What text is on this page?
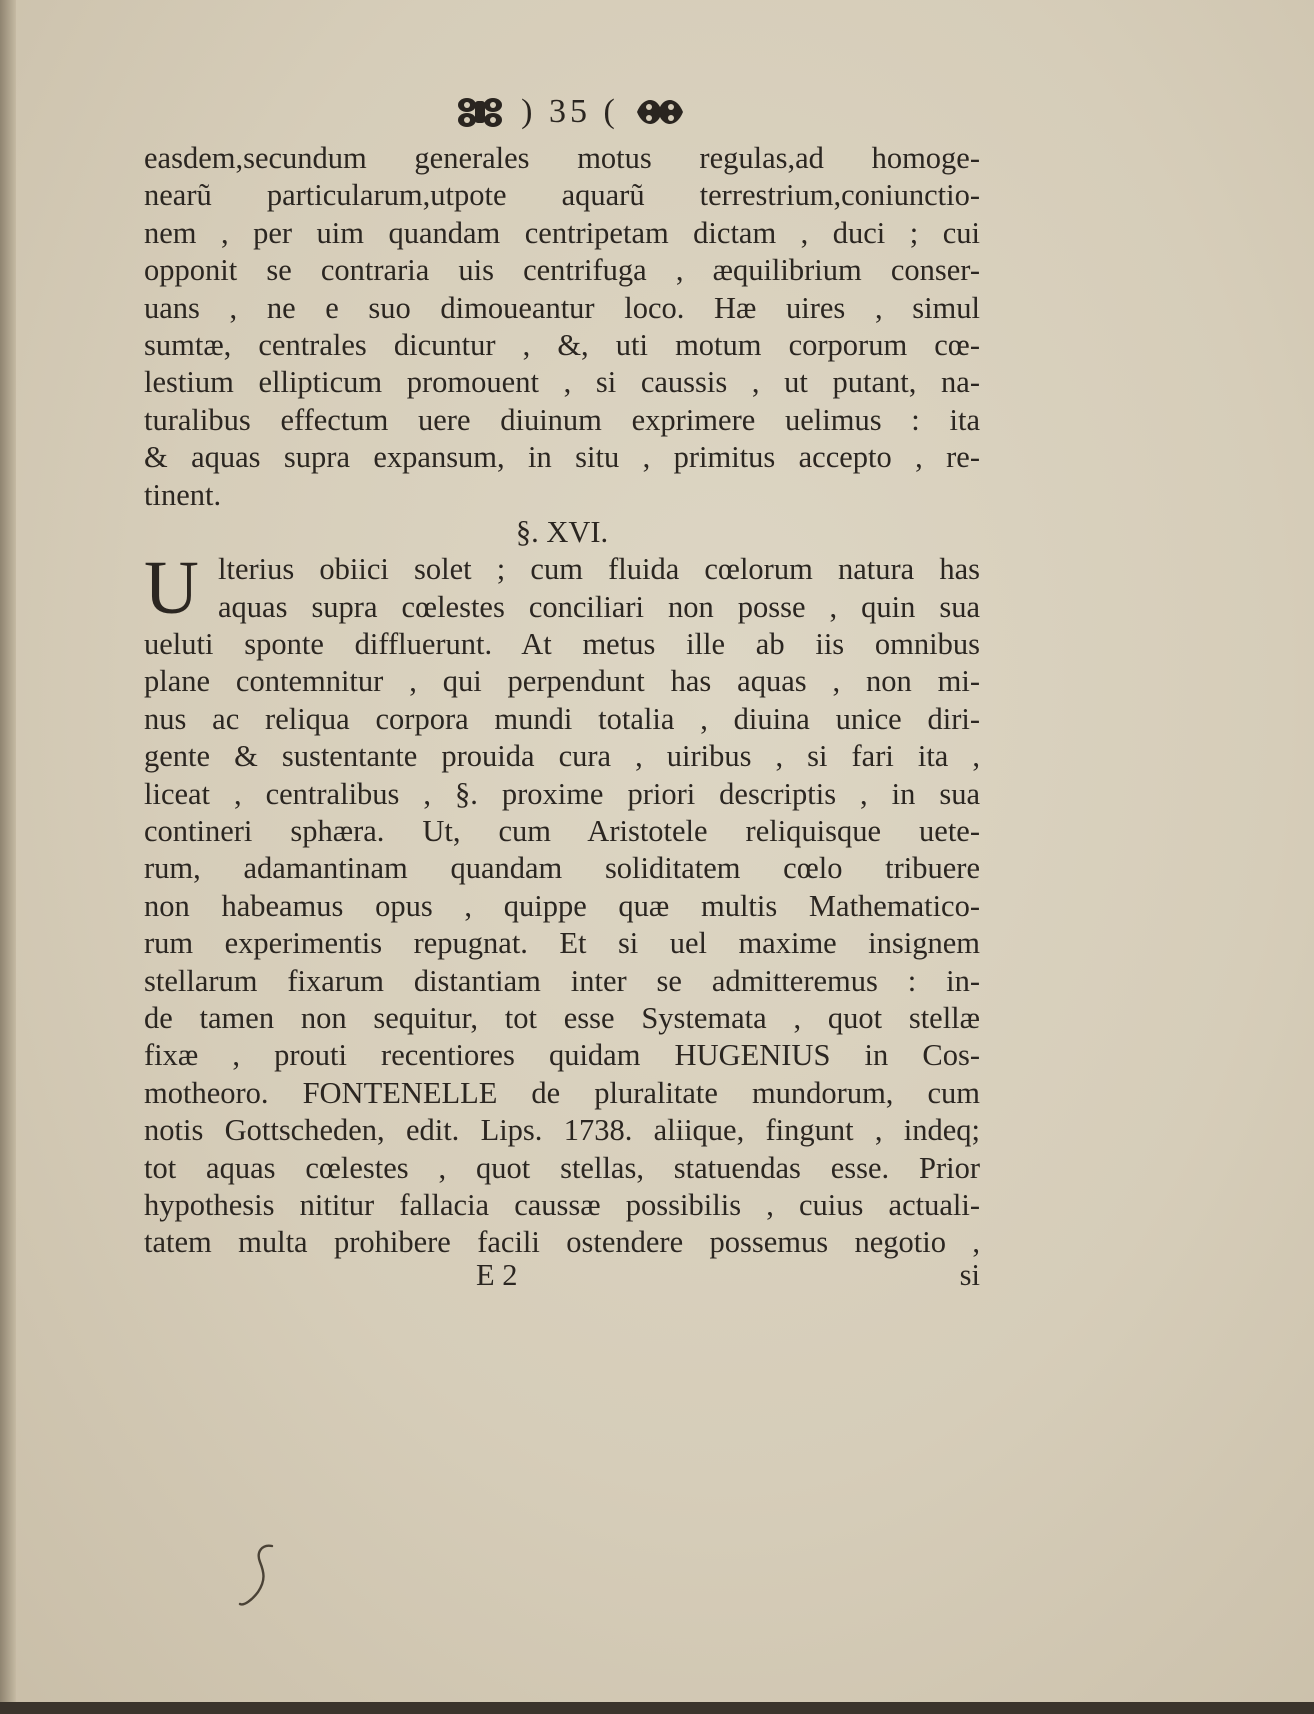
) 35 (
easdem,secundum generales motus regulas,ad homoge‑
nearũ particularum,utpote aquarũ terrestrium,coniunctio-
nem , per uim quandam centripetam dictam , duci ; cui
opponit se contraria uis centrifuga , æquilibrium conser-
uans , ne e suo dimoueantur loco. Hæ uires , simul
sumtæ, centrales dicuntur , &, uti motum corporum cœ-
lestium ellipticum promouent , si caussis , ut putant, na-
turalibus effectum uere diuinum exprimere uelimus : ita
& aquas supra expansum, in situ , primitus accepto , re-
tinent.
§. XVI.
U lterius obiici solet ; cum fluida cœlorum natura has
aquas supra cœlestes conciliari non posse , quin sua
ueluti sponte diffluerunt. At metus ille ab iis omnibus
plane contemnitur , qui perpendunt has aquas , non mi-
nus ac reliqua corpora mundi totalia , diuina unice diri-
gente & sustentante prouida cura , uiribus , si fari ita ,
liceat , centralibus , §. proxime priori descriptis , in sua
contineri sphæra. Ut, cum Aristotele reliquisque uete-
rum, adamantinam quandam soliditatem cœlo tribuere
non habeamus opus , quippe quæ multis Mathematico-
rum experimentis repugnat. Et si uel maxime insignem
stellarum fixarum distantiam inter se admitteremus : in-
de tamen non sequitur, tot esse Systemata , quot stellæ
fixæ , prouti recentiores quidam HUGENIUS in Cos-
motheoro. FONTENELLE de pluralitate mundorum, cum
notis Gottscheden, edit. Lips. 1738. aliique, fingunt , indeq;
tot aquas cœlestes , quot stellas, statuendas esse. Prior
hypothesis nititur fallacia caussæ possibilis , cuius actuali-
tatem multa prohibere facili ostendere possemus negotio ,
E 2	si
